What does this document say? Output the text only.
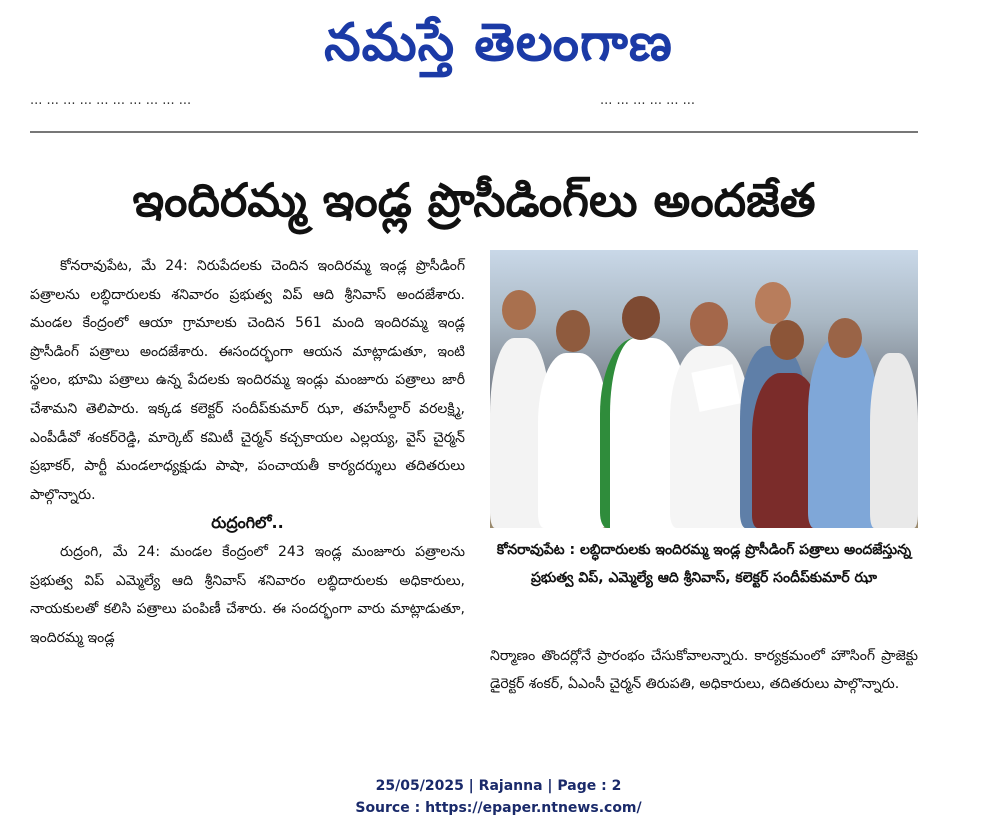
నమస్తే తెలంగాణ
... ... ... ... ... ... ... ... ... ...	... ... ... ... ... ...
ఇందిరమ్మ ఇండ్ల ప్రొసీడింగ్‌లు అందజేత

కోనరావుపేట, మే 24: నిరుపేదలకు చెందిన ఇందిరమ్మ ఇండ్ల ప్రొసీడింగ్ పత్రాలను లబ్ధిదారులకు శనివారం ప్రభుత్వ విప్ ఆది శ్రీనివాస్ అందజేశారు. మండల కేంద్రంలో ఆయా గ్రామాలకు చెందిన 561 మంది ఇందిరమ్మ ఇండ్ల ప్రొసీడింగ్ పత్రాలు అందజేశారు. ఈసందర్భంగా ఆయన మాట్లాడుతూ, ఇంటి స్థలం, భూమి పత్రాలు ఉన్న పేదలకు ఇందిరమ్మ ఇండ్లు మంజూరు పత్రాలు జారీ చేశామని తెలిపారు. ఇక్కడ కలెక్టర్ సందీప్‌కుమార్ ఝా, తహసీల్దార్ వరలక్ష్మి, ఎంపీడీవో శంకర్‌రెడ్డి, మార్కెట్ కమిటీ చైర్మన్ కచ్చకాయల ఎల్లయ్య, వైస్ చైర్మన్ ప్రభాకర్, పార్టీ మండలాధ్యక్షుడు పాషా, పంచాయతీ కార్యదర్శులు తదితరులు పాల్గొన్నారు.

రుద్రంగిలో..

రుద్రంగి, మే 24: మండల కేంద్రంలో 243 ఇండ్ల మంజూరు పత్రాలను ప్రభుత్వ విప్ ఎమ్మెల్యే ఆది శ్రీనివాస్ శనివారం లబ్ధిదారులకు అధికారులు, నాయకులతో కలిసి పత్రాలు పంపిణీ చేశారు. ఈ సందర్భంగా వారు మాట్లాడుతూ, ఇందిరమ్మ ఇండ్ల

కోనరావుపేట : లబ్ధిదారులకు ఇందిరమ్మ ఇండ్ల ప్రొసీడింగ్ పత్రాలు అందజేస్తున్న ప్రభుత్వ విప్, ఎమ్మెల్యే ఆది శ్రీనివాస్, కలెక్టర్ సందీప్‌కుమార్ ఝా
నిర్మాణం తొందర్లోనే ప్రారంభం చేసుకోవాలన్నారు. కార్యక్రమంలో హౌసింగ్ ప్రాజెక్టు డైరెక్టర్ శంకర్, ఏఎంసీ చైర్మన్ తిరుపతి, అధికారులు, తదితరులు పాల్గొన్నారు.
25/05/2025 | Rajanna | Page : 2
Source : https://epaper.ntnews.com/
